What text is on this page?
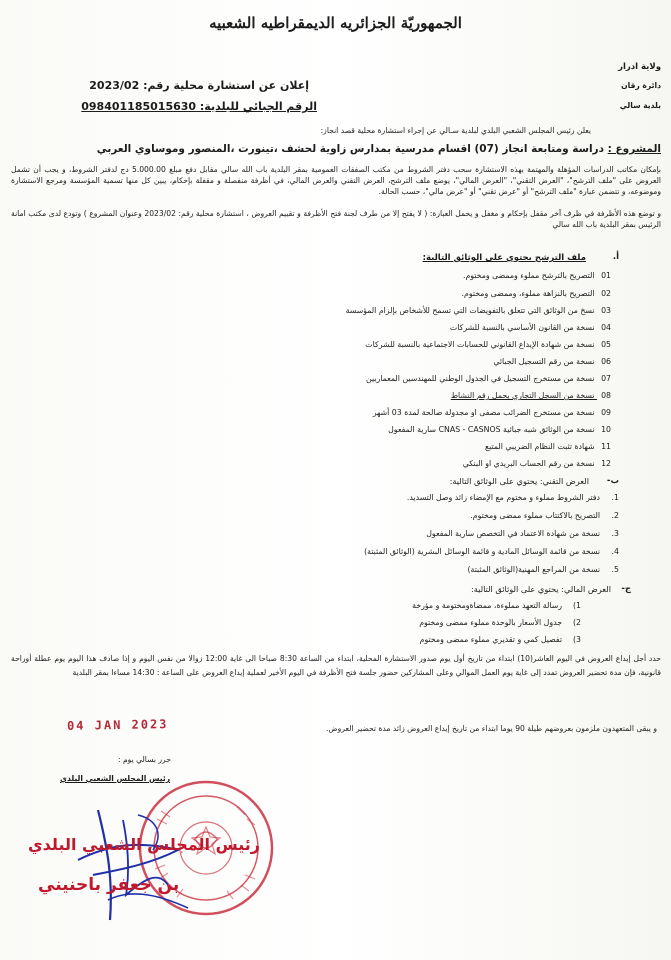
الجمهوريّة الجزائريه الديمقراطيه الشعبيه
ولاية ادرار
دائرة رقان
بلدية سالي
إعلان عن استشارة محلية رقم: 2023/02
الرقم الجبائي للبلدية: 098401185015630
يعلن رئيس المجلس الشعبي البلدي لبلدية سـالي عن إجراء استشارة محلية قصد انجاز:
المشروع : دراسة ومتابعة انجاز (07) اقسام مدرسية بمدارس زاوية لحشف ،تينورت ،المنصور وموساوي العربي
بإمكان مكاتب الدراسات المؤهلة والمهتمة بهذه الاستشارة سحب دفتر الشروط من مكتب الصفقات العمومية بمقر البلدية باب الله سالي مقابل دفع مبلغ 5.000.00 دج لدفتر الشروط، و يجب أن تشمل العروض على "ملف الترشح"، "العرض التقني"، "العرض المالي"، يوضع ملف الترشح، العرض التقني والعرض المالي، في أظرفة منفصلة و مقفلة بإحكام، يبين كل منها تسمية المؤسسة ومرجع الاستشارة وموضوعه، و تتضمن عبارة "ملف الترشح" أو "عرض تقني" أو "عرض مالي"، حسب الحالة.
و توضع هذه الأظرفة في ظرف آخر مقفل بإحكام و مغفل و يحمل العبارة: ( لا يفتح إلا من طرف لجنة فتح الأظرفة و تقييم العروض ، استشارة محلية رقم: 2023/02 وعنوان المشروع ) وتودع لدى مكتب امانة الرئيس بمقر البلدية باب الله سالي
أ.
ملف الترشح يحتوي على الوثائق التالية:
01 التصريح بالترشح مملوء وممضى ومختوم.
02 التصريح بالنزاهة مملوء، وممضى ومختوم.
03 نسخ من الوثائق التي تتعلق بالتفويضات التي تسمح للأشخاص بإلزام المؤسسة
04 نسخة من القانون الأساسي بالنسبة للشركات
05 نسخة من شهادة الإيداع القانوني للحسابات الاجتماعية بالنسبة للشركات
06 نسخة من رقم التسجيل الجبائي
07 نسخة من مستخرج التسجيل في الجدول الوطني للمهندسين المعماريين
08 نسخة من السجل التجاري يحمل رقم النشاط
09 نسخة من مستخرج الضرائب مصفى او مجدولة صالحة لمدة 03 أشهر
10 نسخة من الوثائق شبه جبائية CNAS - CASNOS سارية المفعول
11 شهادة تثبت النظام الضريبي المتبع
12 نسخة من رقم الحساب البريدي او البنكي
ب-
العرض التقني: يحتوي على الوثائق التالية:
1.  دفتر الشروط مملوء و مختوم مع الإمضاء زائد وصل التسديد.
2.  التصريح بالاكتتاب مملوء ممضى ومختوم.
3.  نسخة من شهادة الاعتماد في التخصص سارية المفعول
4.  نسخة من قائمة الوسائل المادية و قائمة الوسائل البشرية (الوثائق المثبتة)
5.  نسخة من المراجع المهنية(الوثائق المثبتة)
ج-
العرض المالي: يحتوي على الوثائق التالية:
1)  رسالة التعهد مملوءة، ممضاةومختومة و مؤرخة
2)  جدول الأسعار بالوحدة مملوء ممضى ومختوم
3)  تفصيل كمي و تقديري مملوء ممضى ومختوم
حدد أجل إيداع العروض في اليوم العاشر(10) ابتداء من تاريخ أول يوم صدور الاستشارة المحلية، ابتداء من الساعة 8:30 صباحا الى غاية 12:00 زوالا من نفس اليوم و إذا صادف هذا اليوم يوم عطلة أوراحة قانونية، فإن مدة تحضير العروض تمدد إلى غاية يوم العمل الموالي وعلى المشاركين حضور جلسة فتح الأظرفة في اليوم الأخير لعملية إيداع العروض على الساعة : 14:30 مساءا بمقر البلدية
04 JAN 2023	و يبقى المتعهدون ملزمون بعروضهم طيلة 90 يوما ابتداء من تاريخ إيداع العروض زائد مدة تحضير العروض.
حرر بسالي يوم :
رئيس المجلس الشعبي البلدي
رئيس المجلس الشعبي البلدي
بن جعفر باحنيني
